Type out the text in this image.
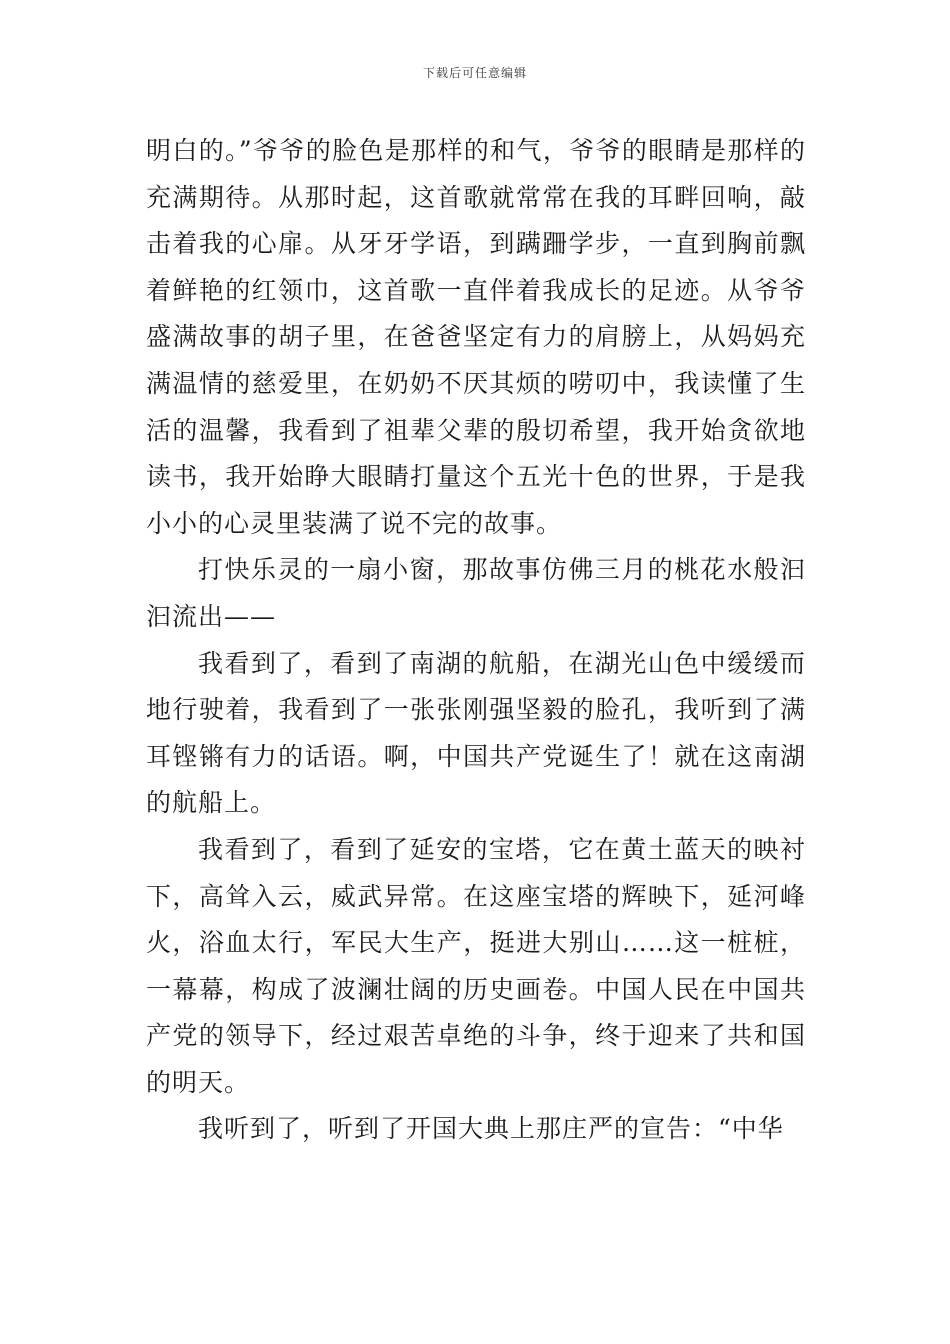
下载后可任意编辑

明白的。”爷爷的脸色是那样的和气，爷爷的眼睛是那样的充满期待。从那时起，这首歌就常常在我的耳畔回响，敲击着我的心扉。从牙牙学语，到蹒跚学步，一直到胸前飘着鲜艳的红领巾，这首歌一直伴着我成长的足迹。从爷爷盛满故事的胡子里，在爸爸坚定有力的肩膀上，从妈妈充满温情的慈爱里，在奶奶不厌其烦的唠叨中，我读懂了生活的温馨，我看到了祖辈父辈的殷切希望，我开始贪欲地读书，我开始睁大眼睛打量这个五光十色的世界，于是我小小的心灵里装满了说不完的故事。

打快乐灵的一扇小窗，那故事仿佛三月的桃花水般汩汩流出——

我看到了，看到了南湖的航船，在湖光山色中缓缓而地行驶着，我看到了一张张刚强坚毅的脸孔，我听到了满耳铿锵有力的话语。啊，中国共产党诞生了！就在这南湖的航船上。

我看到了，看到了延安的宝塔，它在黄土蓝天的映衬下，高耸入云，威武异常。在这座宝塔的辉映下，延河峰火，浴血太行，军民大生产，挺进大别山……这一桩桩，一幕幕，构成了波澜壮阔的历史画卷。中国人民在中国共产党的领导下，经过艰苦卓绝的斗争，终于迎来了共和国的明天。

我听到了，听到了开国大典上那庄严的宣告：“中华
